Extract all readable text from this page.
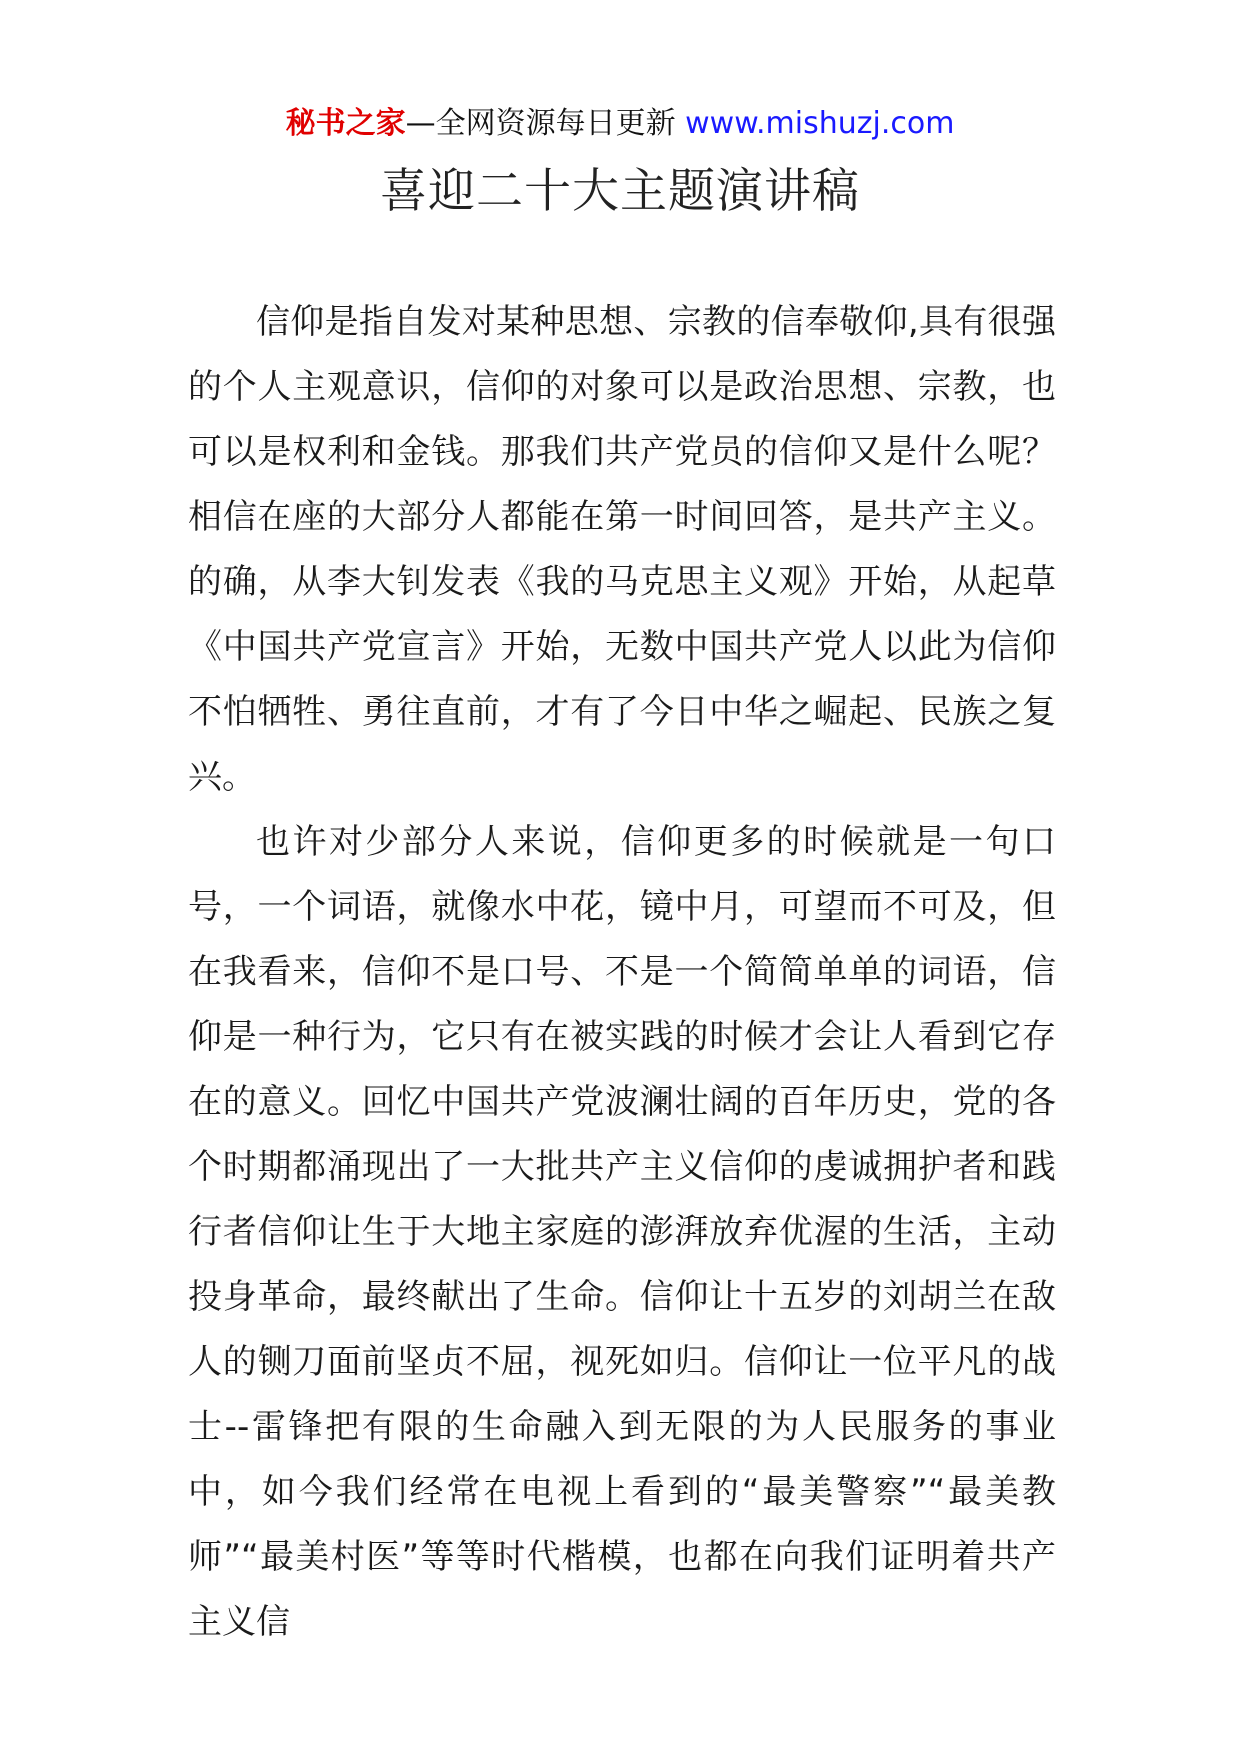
秘书之家—全网资源每日更新 www.mishuzj.com
喜迎二十大主题演讲稿

信仰是指自发对某种思想、宗教的信奉敬仰,具有很强的个人主观意识，信仰的对象可以是政治思想、宗教，也可以是权利和金钱。那我们共产党员的信仰又是什么呢？相信在座的大部分人都能在第一时间回答，是共产主义。的确，从李大钊发表《我的马克思主义观》开始，从起草《中国共产党宣言》开始，无数中国共产党人以此为信仰不怕牺牲、勇往直前，才有了今日中华之崛起、民族之复兴。

也许对少部分人来说，信仰更多的时候就是一句口号，一个词语，就像水中花，镜中月，可望而不可及，但在我看来，信仰不是口号、不是一个简简单单的词语，信仰是一种行为，它只有在被实践的时候才会让人看到它存在的意义。回忆中国共产党波澜壮阔的百年历史，党的各个时期都涌现出了一大批共产主义信仰的虔诚拥护者和践行者信仰让生于大地主家庭的澎湃放弃优渥的生活，主动投身革命，最终献出了生命。信仰让十五岁的刘胡兰在敌人的铡刀面前坚贞不屈，视死如归。信仰让一位平凡的战士--雷锋把有限的生命融入到无限的为人民服务的事业中，如今我们经常在电视上看到的“最美警察”“最美教师”“最美村医”等等时代楷模，也都在向我们证明着共产主义信
